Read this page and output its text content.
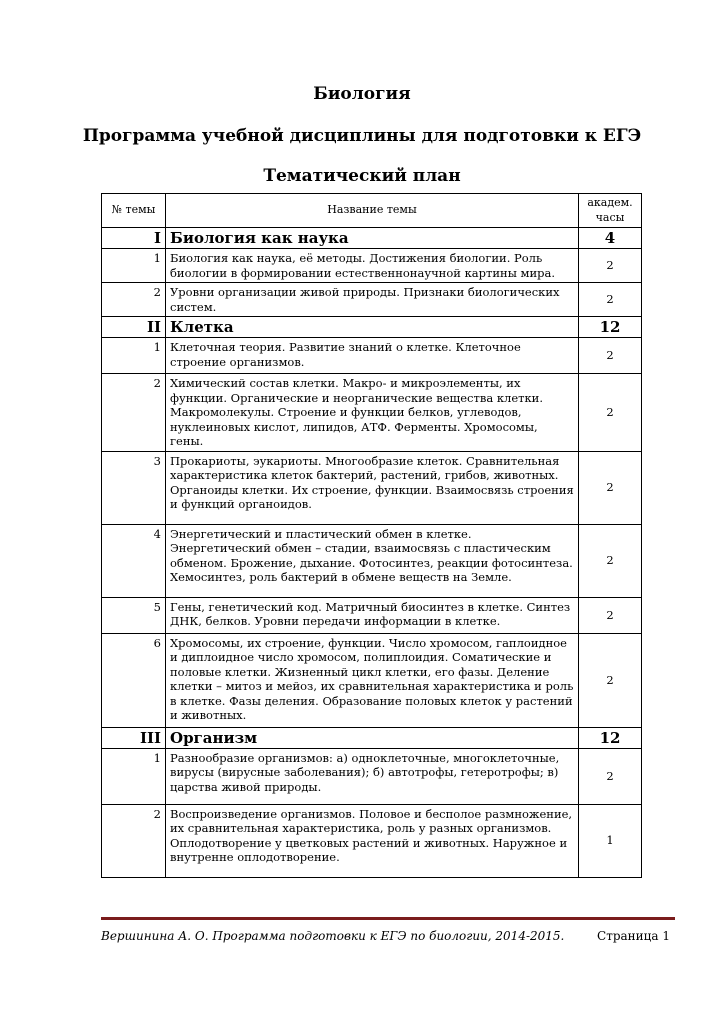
Биология
Программа учебной дисциплины для подготовки к ЕГЭ
Тематический план
№ темы	Название темы	академ. часы
I	Биология как наука	4
1	Биология как наука, её методы. Достижения биологии. Роль биологии в формировании естественнонаучной картины мира.	2
2	Уровни организации живой природы. Признаки биологических систем.	2
II	Клетка	12
1	Клеточная теория. Развитие знаний о клетке. Клеточное строение организмов.	2
2	Химический состав клетки. Макро- и микроэлементы, их функции. Органические и неорганические вещества клетки. Макромолекулы. Строение и функции белков, углеводов, нуклеиновых кислот, липидов, АТФ. Ферменты. Хромосомы, гены.	2
3	Прокариоты, эукариоты. Многообразие клеток. Сравнительная характеристика клеток бактерий, растений, грибов, животных. Органоиды клетки. Их строение, функции. Взаимосвязь строения и функций органоидов.	2
4	Энергетический и пластический обмен в клетке. Энергетический обмен – стадии, взаимосвязь с пластическим обменом. Брожение, дыхание. Фотосинтез, реакции фотосинтеза. Хемосинтез, роль бактерий в обмене веществ на Земле.	2
5	Гены, генетический код. Матричный биосинтез в клетке. Синтез ДНК, белков. Уровни передачи информации в клетке.	2
6	Хромосомы, их строение, функции. Число хромосом, гаплоидное и диплоидное число хромосом, полиплоидия. Соматические и половые клетки. Жизненный цикл клетки, его фазы. Деление клетки – митоз и мейоз, их сравнительная характеристика и роль в клетке. Фазы деления. Образование половых клеток у растений и животных.	2
III	Организм	12
1	Разнообразие организмов: а) одноклеточные, многоклеточные, вирусы (вирусные заболевания); б) автотрофы, гетеротрофы; в) царства живой природы.	2
2	Воспроизведение организмов. Половое и бесполое размножение, их сравнительная характеристика, роль у разных организмов. Оплодотворение у цветковых растений и животных. Наружное и внутренне оплодотворение.	1
Вершинина А. О. Программа подготовки к ЕГЭ по биологии, 2014-2015.	Страница 1
